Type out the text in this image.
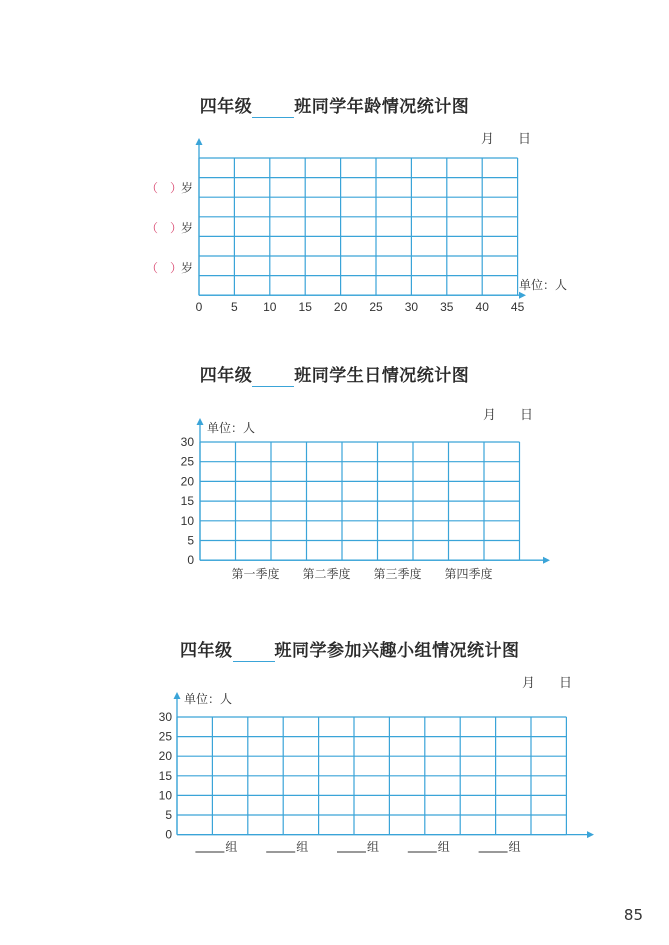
四年级 班同学年龄情况统计图
月 日
四年级 班同学生日情况统计图
月 日
四年级 班同学参加兴趣小组情况统计图
月 日
0 5 10 15 20 25 30 35 40 45
（　）
岁
（　）
岁
（　）
岁
单位：人
0
5
10
15
20
25
30
单位：人
第一季度 第二季度 第三季度 第四季度
0
5
10
15
20
25
30
单位：人
组	组	组	组	组
85
